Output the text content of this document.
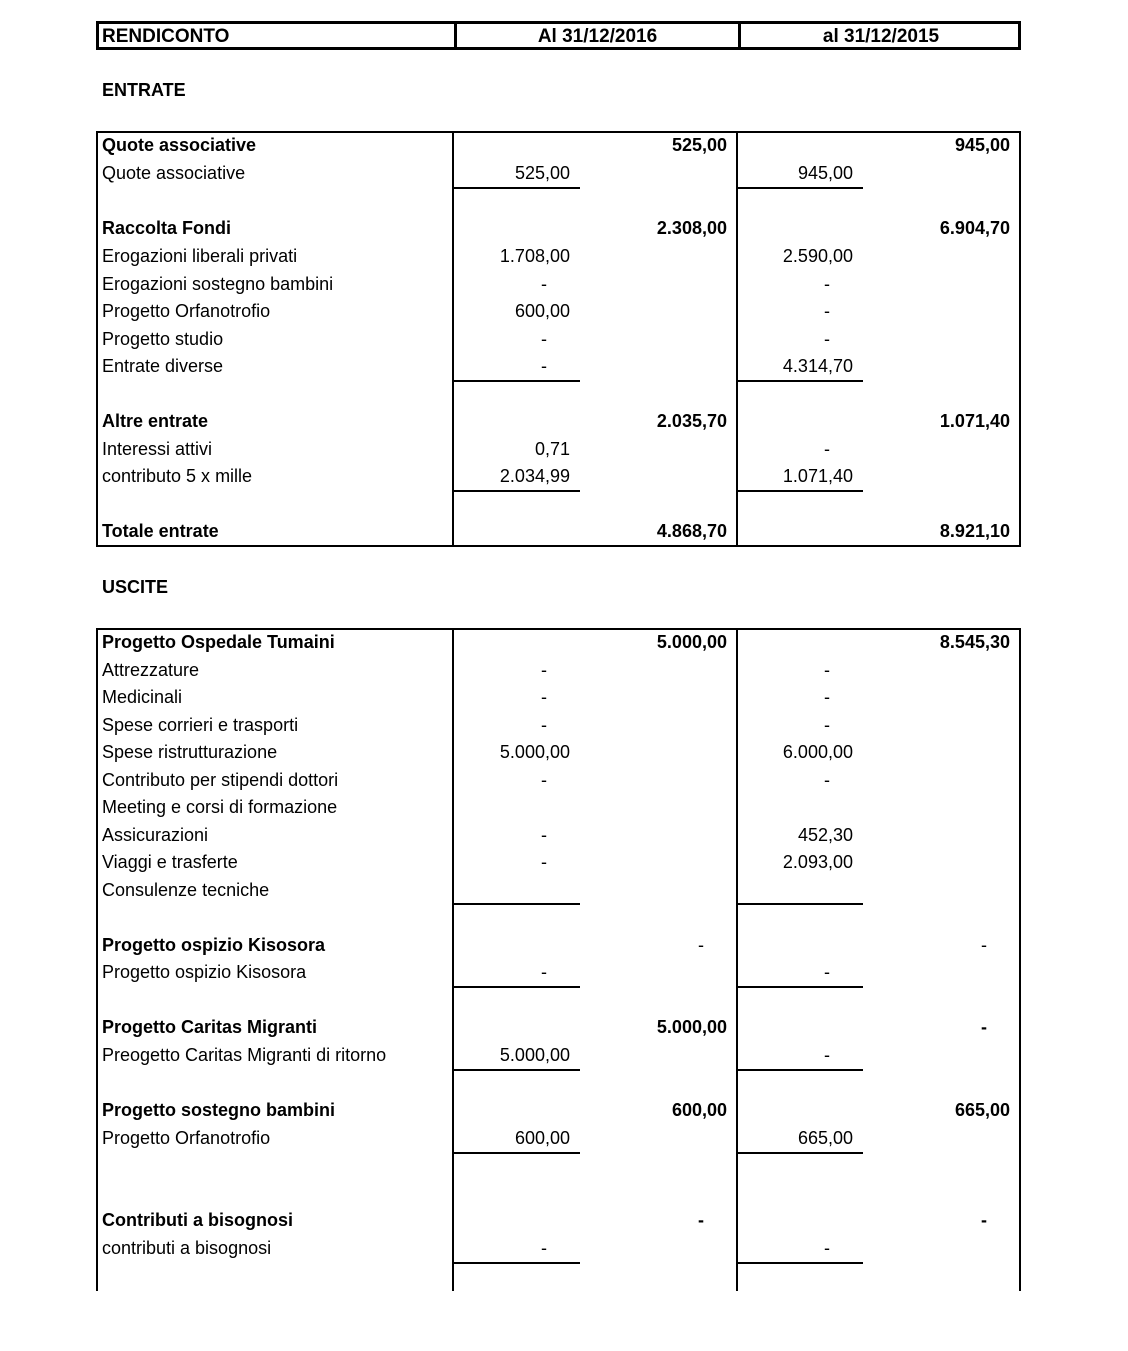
RENDICONTO	Al 31/12/2016	al 31/12/2015
ENTRATE
Quote associative	525,00	945,00
Quote associative	525,00	945,00
Raccolta Fondi	2.308,00	6.904,70
Erogazioni liberali privati	1.708,00	2.590,00
Erogazioni sostegno bambini	-	-
Progetto Orfanotrofio	600,00	-
Progetto studio	-	-
Entrate diverse	-	4.314,70
Altre entrate	2.035,70	1.071,40
Interessi attivi	0,71	-
contributo 5 x mille	2.034,99	1.071,40
Totale entrate	4.868,70	8.921,10
USCITE
Progetto Ospedale Tumaini	5.000,00	8.545,30
Attrezzature	-	-
Medicinali	-	-
Spese corrieri e trasporti	-	-
Spese ristrutturazione	5.000,00	6.000,00
Contributo per stipendi dottori	-	-
Meeting e corsi di formazione
Assicurazioni	-	452,30
Viaggi e trasferte	-	2.093,00
Consulenze tecniche
Progetto ospizio Kisosora	-	-
Progetto ospizio Kisosora	-	-
Progetto Caritas Migranti	5.000,00	-
Preogetto Caritas Migranti di ritorno	5.000,00	-
Progetto sostegno bambini	600,00	665,00
Progetto Orfanotrofio	600,00	665,00
Contributi a bisognosi	-	-
contributi a bisognosi	-	-
